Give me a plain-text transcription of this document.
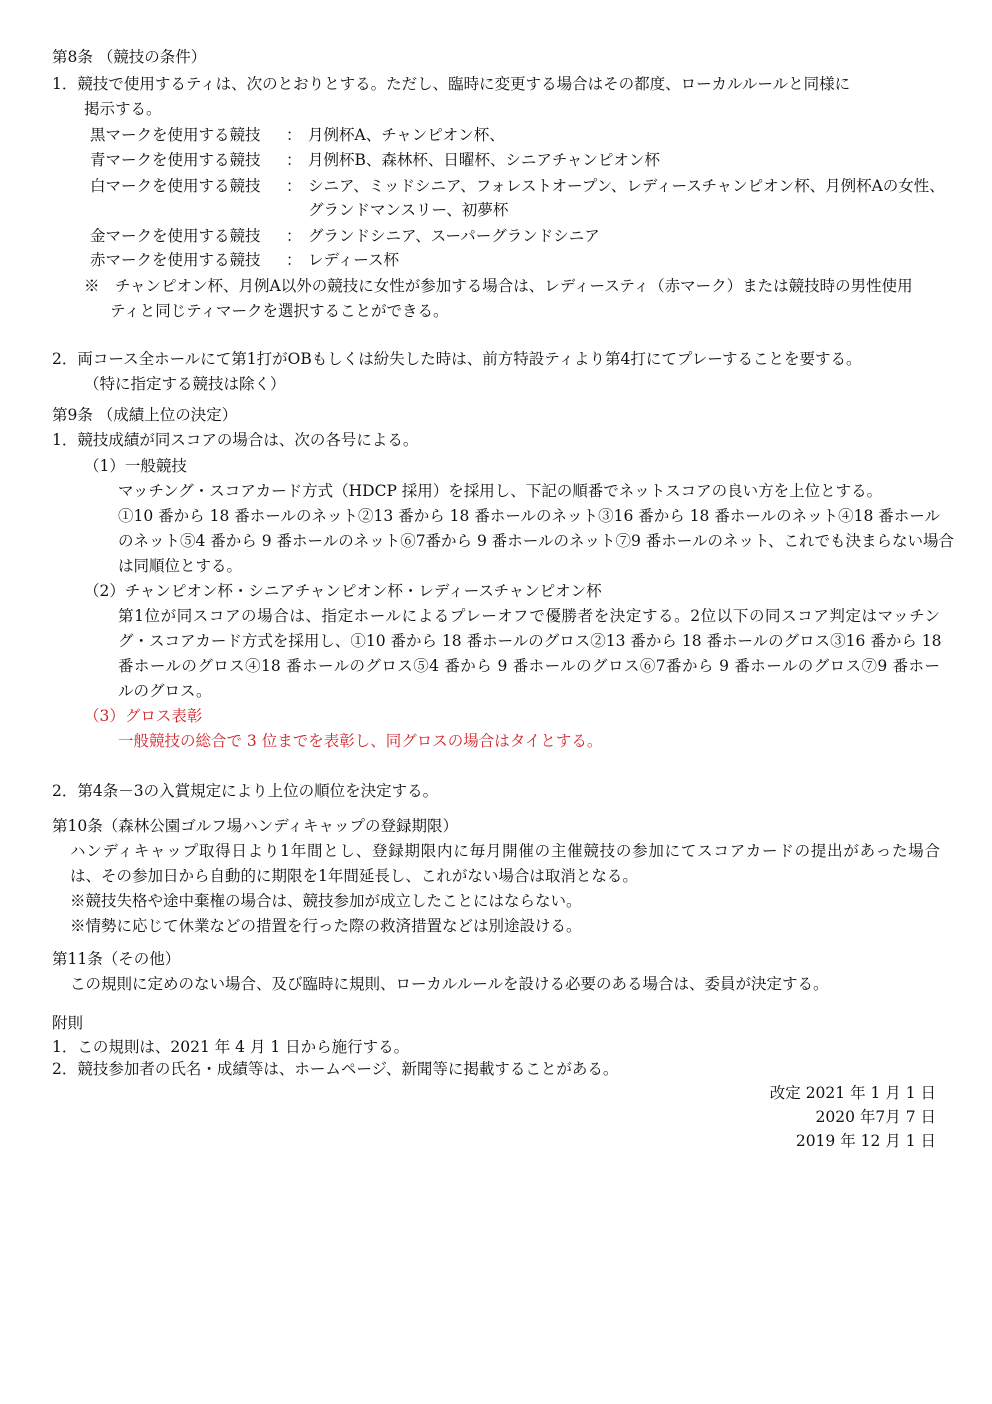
第8条 （競技の条件）
1．競技で使用するティは、次のとおりとする。ただし、臨時に変更する場合はその都度、ローカルルールと同様に
掲示する。
黒マークを使用する競技	： 月例杯A、チャンピオン杯、
青マークを使用する競技	： 月例杯B、森林杯、日曜杯、シニアチャンピオン杯
白マークを使用する競技	： シニア、ミッドシニア、フォレストオープン、レディースチャンピオン杯、月例杯Aの女性、
グランドマンスリー、初夢杯
金マークを使用する競技	： グランドシニア、スーパーグランドシニア
赤マークを使用する競技	： レディース杯
※　チャンピオン杯、月例A以外の競技に女性が参加する場合は、レディースティ（赤マーク）または競技時の男性使用
ティと同じティマークを選択することができる。
2．両コース全ホールにて第1打がOBもしくは紛失した時は、前方特設ティより第4打にてプレーすることを要する。
（特に指定する競技は除く）
第9条 （成績上位の決定）
1．競技成績が同スコアの場合は、次の各号による。
（1）一般競技
マッチング・スコアカード方式（HDCP 採用）を採用し、下記の順番でネットスコアの良い方を上位とする。
①10 番から 18 番ホールのネット②13 番から 18 番ホールのネット③16 番から 18 番ホールのネット④18 番ホール
のネット⑤4 番から 9 番ホールのネット⑥7番から 9 番ホールのネット⑦9 番ホールのネット、これでも決まらない場合
は同順位とする。
（2）チャンピオン杯・シニアチャンピオン杯・レディースチャンピオン杯
第1位が同スコアの場合は、指定ホールによるプレーオフで優勝者を決定する。2位以下の同スコア判定はマッチン
グ・スコアカード方式を採用し、①10 番から 18 番ホールのグロス②13 番から 18 番ホールのグロス③16 番から 18
番ホールのグロス④18 番ホールのグロス⑤4 番から 9 番ホールのグロス⑥7番から 9 番ホールのグロス⑦9 番ホー
ルのグロス。
（3）グロス表彰
一般競技の総合で 3 位までを表彰し、同グロスの場合はタイとする。
2．第4条－3の入賞規定により上位の順位を決定する。
第10条（森林公園ゴルフ場ハンディキャップの登録期限）
ハンディキャップ取得日より1年間とし、登録期限内に毎月開催の主催競技の参加にてスコアカードの提出があった場合
は、その参加日から自動的に期限を1年間延長し、これがない場合は取消となる。
※競技失格や途中棄権の場合は、競技参加が成立したことにはならない。
※情勢に応じて休業などの措置を行った際の救済措置などは別途設ける。
第11条（その他）
この規則に定めのない場合、及び臨時に規則、ローカルルールを設ける必要のある場合は、委員が決定する。
附則
1．この規則は、2021 年 4 月 1 日から施行する。
2．競技参加者の氏名・成績等は、ホームページ、新聞等に掲載することがある。
改定 2021 年 1 月 1 日
2020 年7月 7 日
2019 年 12 月 1 日
